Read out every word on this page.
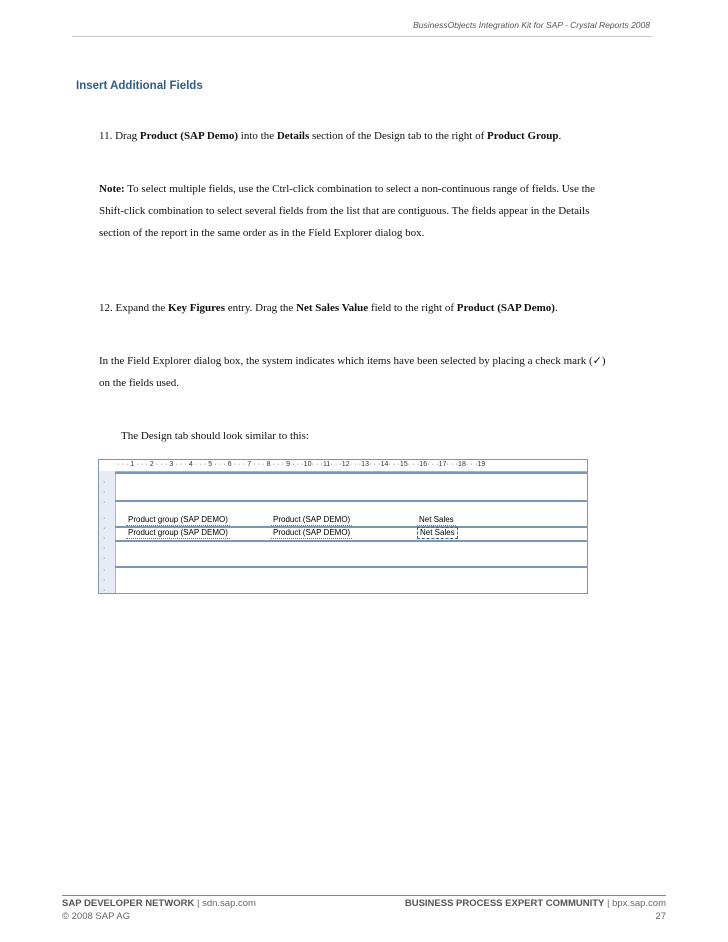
BusinessObjects Integration Kit for SAP - Crystal Reports 2008
Insert Additional Fields
11. Drag Product (SAP Demo) into the Details section of the Design tab to the right of Product Group.
Note: To select multiple fields, use the Ctrl-click combination to select a non-continuous range of fields. Use the
Shift-click combination to select several fields from the list that are contiguous. The fields appear in the Details
section of the report in the same order as in the Field Explorer dialog box.
12. Expand the Key Figures entry. Drag the Net Sales Value field to the right of Product (SAP Demo).
In the Field Explorer dialog box, the system indicates which items have been selected by placing a check mark (✓)
on the fields used.
The Design tab should look similar to this:
· · · 1 · · · 2 · · · 3 · · · 4 · · · 5 · · · 6 · · · 7 · · · 8 · · · 9 · · ·10· · ·11· · ·12· · ·13· · ·14· · ·15· · ·16· · ·17· · ·18· · ·19
·
·
·
·
·
·
·
·
·
·
·
Product group (SAP DEMO)	Product (SAP DEMO)	Net Sales
Product group (SAP DEMO)	Product (SAP DEMO)	Net Sales
SAP DEVELOPER NETWORK | sdn.sap.com	BUSINESS PROCESS EXPERT COMMUNITY | bpx.sap.com
© 2008 SAP AG	27
